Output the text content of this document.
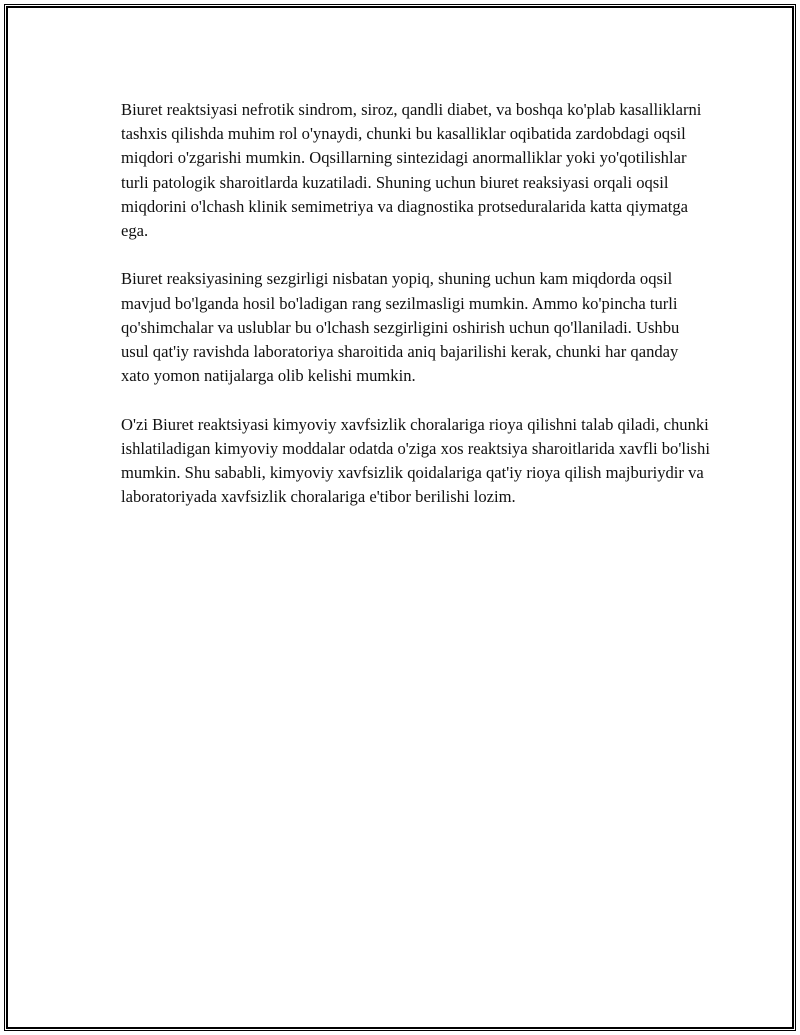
Biuret reaktsiyasi nefrotik sindrom, siroz, qandli diabet, va boshqa ko'plab kasalliklarni tashxis qilishda muhim rol o'ynaydi, chunki bu kasalliklar oqibatida zardobdagi oqsil miqdori o'zgarishi mumkin. Oqsillarning sintezidagi anormalliklar yoki yo'qotilishlar turli patologik sharoitlarda kuzatiladi. Shuning uchun biuret reaksiyasi orqali oqsil miqdorini o'lchash klinik semimetriya va diagnostika protseduralarida katta qiymatga ega.

Biuret reaksiyasining sezgirligi nisbatan yopiq, shuning uchun kam miqdorda oqsil mavjud bo'lganda hosil bo'ladigan rang sezilmasligi mumkin. Ammo ko'pincha turli qo'shimchalar va uslublar bu o'lchash sezgirligini oshirish uchun qo'llaniladi. Ushbu usul qat'iy ravishda laboratoriya sharoitida aniq bajarilishi kerak, chunki har qanday xato yomon natijalarga olib kelishi mumkin.

O'zi Biuret reaktsiyasi kimyoviy xavfsizlik choralariga rioya qilishni talab qiladi, chunki ishlatiladigan kimyoviy moddalar odatda o'ziga xos reaktsiya sharoitlarida xavfli bo'lishi mumkin. Shu sababli, kimyoviy xavfsizlik qoidalariga qat'iy rioya qilish majburiydir va laboratoriyada xavfsizlik choralariga e'tibor berilishi lozim.
